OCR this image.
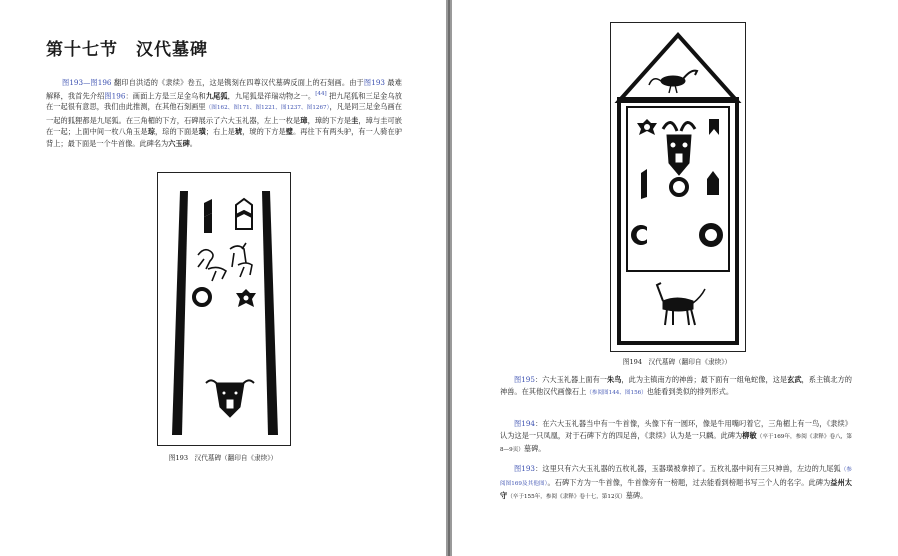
第十七节　汉代墓碑

图193—图196 翻印自洪适的《隶续》卷五，这是镌刻在四尊汉代墓碑反面上的石刻画。由于图193 最难解释，我首先介绍图196：画面上方是三足金乌和九尾狐，九尾狐是祥瑞动物之一。[44] 把九尾狐和三足金乌放在一起很有意思，我们由此推测，在其他石刻画里（图162、图171、图1221、图1237、图1267），凡是同三足金乌画在一起的狐狸都是九尾狐。在三角楣的下方，石碑展示了六大玉礼器，左上一枚是璋，璋的下方是圭，璋与圭可嵌在一起；上面中间一枚八角玉是琮，琮的下面是璜；右上是琥，琥的下方是璧。再往下有两头驴，有一人骑在驴背上；最下面是一个牛首像。此碑名为六玉碑。

图193　汉代墓碑（翻印自《隶续》）
图194　汉代墓碑（翻印自《隶续》）

图195：六大玉礼器上面有一朱鸟，此为主镇南方的神兽；最下面有一组龟蛇像，这是玄武，系主镇北方的神兽。在其他汉代画像石上（参阅图144、图156）也能看到类似的排列形式。

图194：在六大玉礼器当中有一牛首像，头像下有一圆环，像是牛用嘴叼着它，三角楣上有一鸟，《隶续》认为这是一只凤凰，对于石碑下方的四足兽，《隶续》认为是一只麟。此碑为柳敏（卒于169年，参阅《隶释》卷八，第8—9页）墓碑。

图193：这里只有六大玉礼器的五枚礼器，玉器璜被拿掉了。五枚礼器中间有三只神兽，左边的九尾狐（参阅图169及其他图）。石碑下方为一牛首像，牛首像旁有一榜题，过去能看到榜题书写三个人的名字。此碑为益州太守（卒于155年，参阅《隶释》卷十七，第12页）墓碑。
